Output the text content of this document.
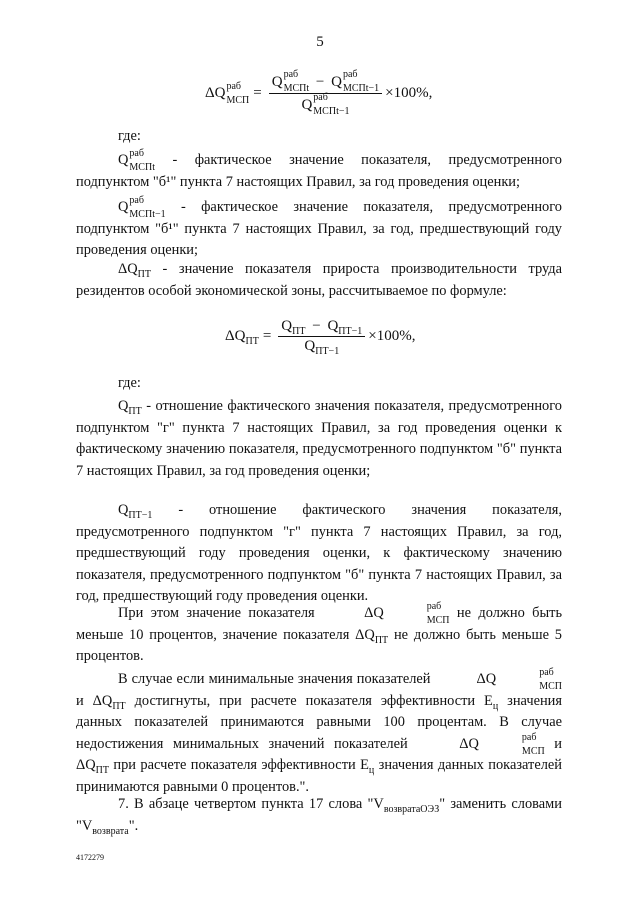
5
ΔQ раб
МСП = Q раб
МСПt − Q раб
МСПt−1
Q раб
МСПt−1 ×100%,
где:
Q раб
МСПt - фактическое значение показателя, предусмотренного подпунктом "б¹" пункта 7 настоящих Правил, за год проведения оценки;
Q раб
МСПt−1 - фактическое значение показателя, предусмотренного подпунктом "б¹" пункта 7 настоящих Правил, за год, предшествующий году проведения оценки;
$\Delta Q_{ПТ}$ - значение показателя прироста производительности труда резидентов особой экономической зоны, рассчитываемое по формуле:
$\Delta Q_{ПТ} = \frac{Q_{ПТ} - Q_{ПТ-1}}{Q_{ПТ-1}} \times 100\%$,
где:
$Q_{ПТ}$ - отношение фактического значения показателя, предусмотренного подпунктом "г" пункта 7 настоящих Правил, за год проведения оценки к фактическому значению показателя, предусмотренного подпунктом "б" пункта 7 настоящих Правил, за год проведения оценки;
$Q_{ПТ-1}$ - отношение фактического значения показателя, предусмотренного подпунктом "г" пункта 7 настоящих Правил, за год, предшествующий году проведения оценки, к фактическому значению показателя, предусмотренного подпунктом "б" пункта 7 настоящих Правил, за год, предшествующий году проведения оценки.
При этом значение показателя	ΔQ	раб
МСП не должно быть меньше 10 процентов, значение показателя $\Delta Q_{ПТ}$ не должно быть меньше 5 процентов.
В случае если минимальные значения показателей	ΔQ	раб
МСП
и $\Delta Q_{ПТ}$ достигнуты, при расчете показателя эффективности $E_ц$ значения данных показателей принимаются равными 100 процентам. В случае недостижения минимальных значений показателей	ΔQ	раб
МСП и $\Delta Q_{ПТ}$ при расчете показателя эффективности $E_ц$ значения данных показателей принимаются равными 0 процентов.".
7. В абзаце четвертом пункта 17 слова "$V_{возвратаОЭЗ}$" заменить словами "$V_{возврата}$".
4172279
